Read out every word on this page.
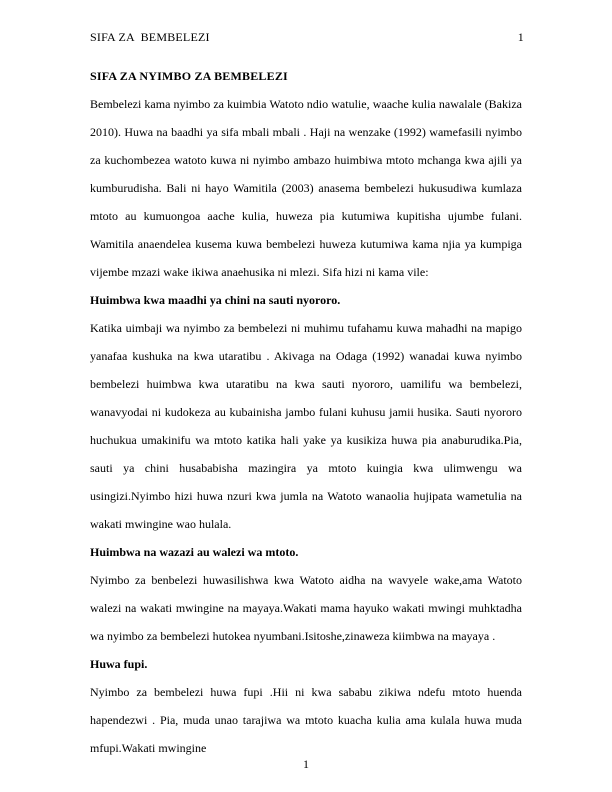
SIFA ZA  BEMBELEZI	1
SIFA ZA NYIMBO ZA BEMBELEZI

Bembelezi kama nyimbo za kuimbia Watoto ndio watulie, waache kulia nawalale (Bakiza 2010). Huwa na baadhi ya sifa mbali mbali . Haji na wenzake (1992) wamefasili nyimbo za kuchombezea watoto kuwa ni nyimbo ambazo huimbiwa mtoto mchanga kwa ajili ya kumburudisha. Bali ni hayo Wamitila (2003) anasema bembelezi hukusudiwa kumlaza mtoto au kumuongoa aache kulia, huweza pia kutumiwa kupitisha ujumbe fulani. Wamitila anaendelea kusema kuwa bembelezi huweza kutumiwa kama njia ya kumpiga vijembe mzazi wake ikiwa anaehusika ni mlezi. Sifa hizi ni kama vile:

Huimbwa kwa maadhi ya chini na sauti nyororo.

Katika uimbaji wa nyimbo za bembelezi ni muhimu tufahamu kuwa mahadhi na mapigo yanafaa kushuka na kwa utaratibu . Akivaga na Odaga (1992) wanadai kuwa nyimbo bembelezi huimbwa kwa utaratibu na kwa sauti nyororo, uamilifu wa bembelezi, wanavyodai ni kudokeza au kubainisha jambo fulani kuhusu jamii husika. Sauti nyororo huchukua umakinifu wa mtoto katika hali yake ya kusikiza huwa pia anaburudika.Pia, sauti ya chini husababisha mazingira ya mtoto kuingia kwa ulimwengu wa usingizi.Nyimbo hizi huwa nzuri kwa jumla na Watoto wanaolia hujipata wametulia na wakati mwingine wao hulala.

Huimbwa na wazazi au walezi wa mtoto.

Nyimbo za benbelezi huwasilishwa kwa Watoto aidha na wavyele wake,ama Watoto walezi na wakati mwingine na mayaya.Wakati mama hayuko wakati mwingi muhktadha wa nyimbo za bembelezi hutokea nyumbani.Isitoshe,zinaweza kiimbwa na mayaya .

Huwa fupi.

Nyimbo za bembelezi huwa fupi .Hii ni kwa sababu zikiwa ndefu mtoto huenda hapendezwi . Pia, muda unao tarajiwa wa mtoto kuacha kulia ama kulala huwa muda mfupi.Wakati mwingine

1
